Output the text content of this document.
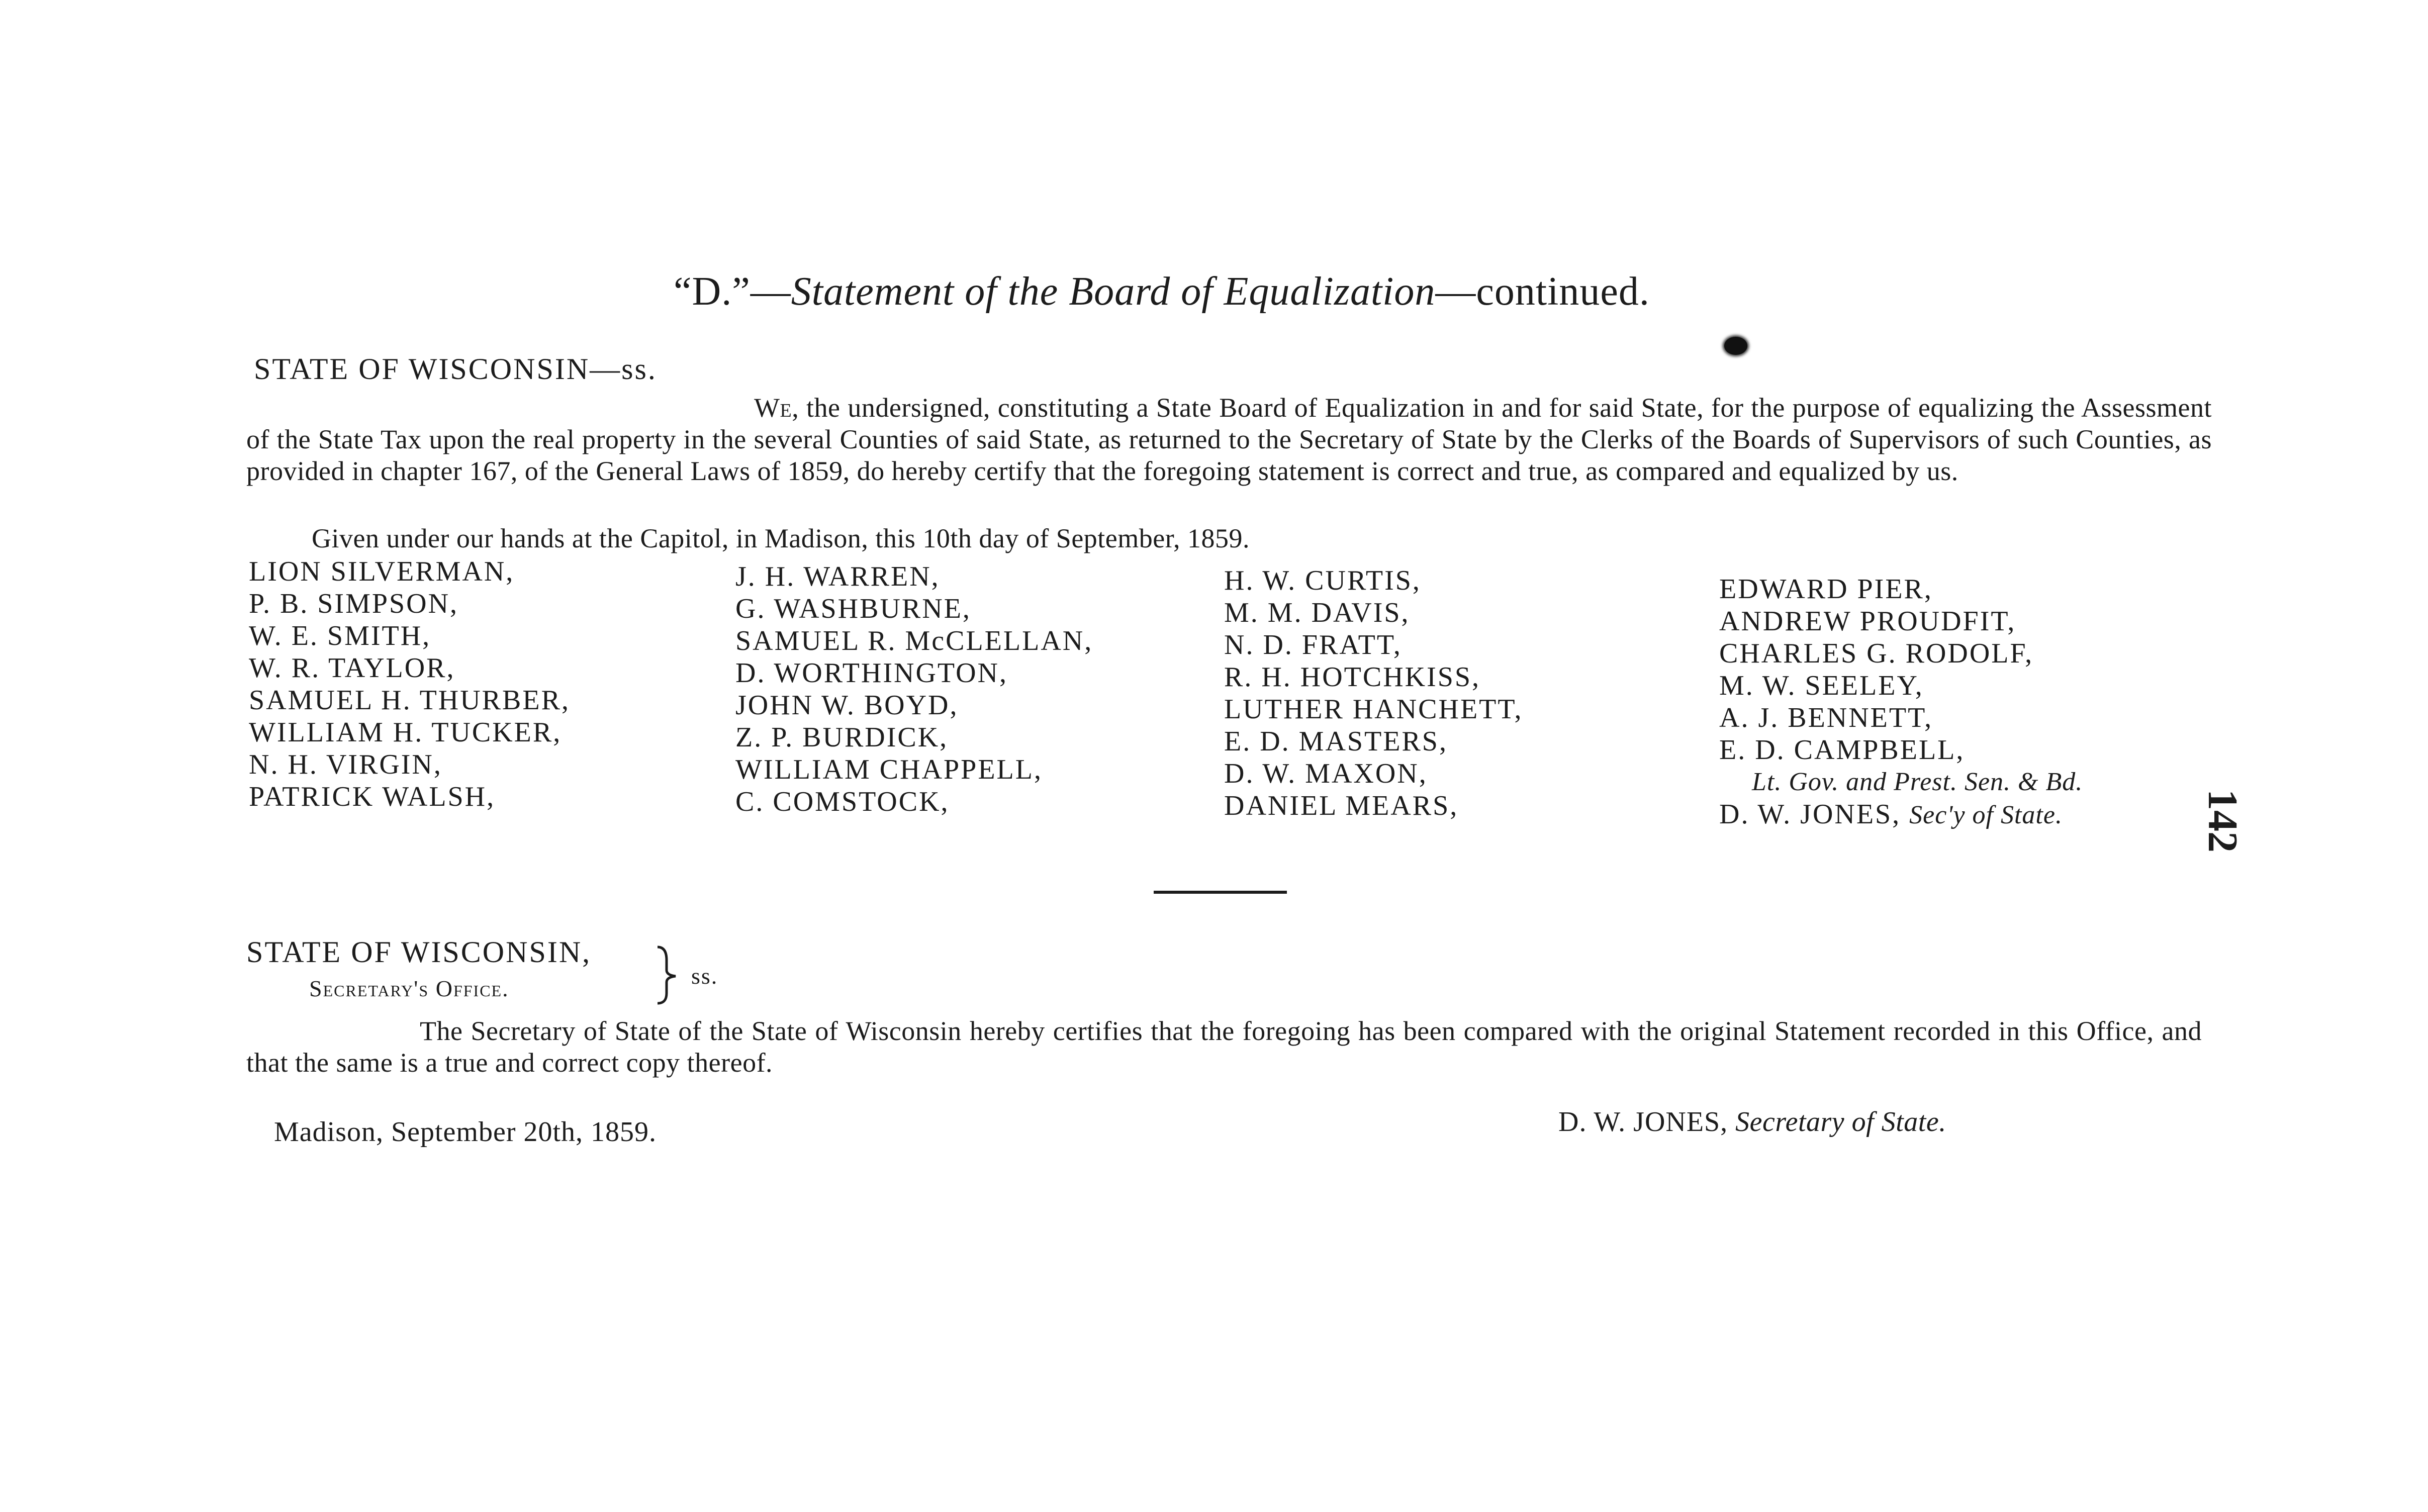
“D.”—Statement of the Board of Equalization—continued.
STATE OF WISCONSIN—ss.
We, the undersigned, constituting a State Board of Equalization in and for said State, for the purpose of equalizing the Assessment of the State Tax upon the real property in the several Counties of said State, as returned to the Secretary of State by the Clerks of the Boards of Supervisors of such Counties, as provided in chapter 167, of the General Laws of 1859, do hereby certify that the foregoing statement is correct and true, as compared and equalized by us.
Given under our hands at the Capitol, in Madison, this 10th day of September, 1859.
LION SILVERMAN,
P. B. SIMPSON,
W. E. SMITH,
W. R. TAYLOR,
SAMUEL H. THURBER,
WILLIAM H. TUCKER,
N. H. VIRGIN,
PATRICK WALSH,
J. H. WARREN,
G. WASHBURNE,
SAMUEL R. McCLELLAN,
D. WORTHINGTON,
JOHN W. BOYD,
Z. P. BURDICK,
WILLIAM CHAPPELL,
C. COMSTOCK,
H. W. CURTIS,
M. M. DAVIS,
N. D. FRATT,
R. H. HOTCHKISS,
LUTHER HANCHETT,
E. D. MASTERS,
D. W. MAXON,
DANIEL MEARS,
EDWARD PIER,
ANDREW PROUDFIT,
CHARLES G. RODOLF,
M. W. SEELEY,
A. J. BENNETT,
E. D. CAMPBELL,
Lt. Gov. and Prest. Sen. & Bd.
D. W. JONES, Sec'y of State.	142
STATE OF WISCONSIN,
Secretary's Office.	ss.
The Secretary of State of the State of Wisconsin hereby certifies that the foregoing has been compared with the original Statement recorded in this Office, and that the same is a true and correct copy thereof.
Madison, September 20th, 1859.	D. W. JONES, Secretary of State.
